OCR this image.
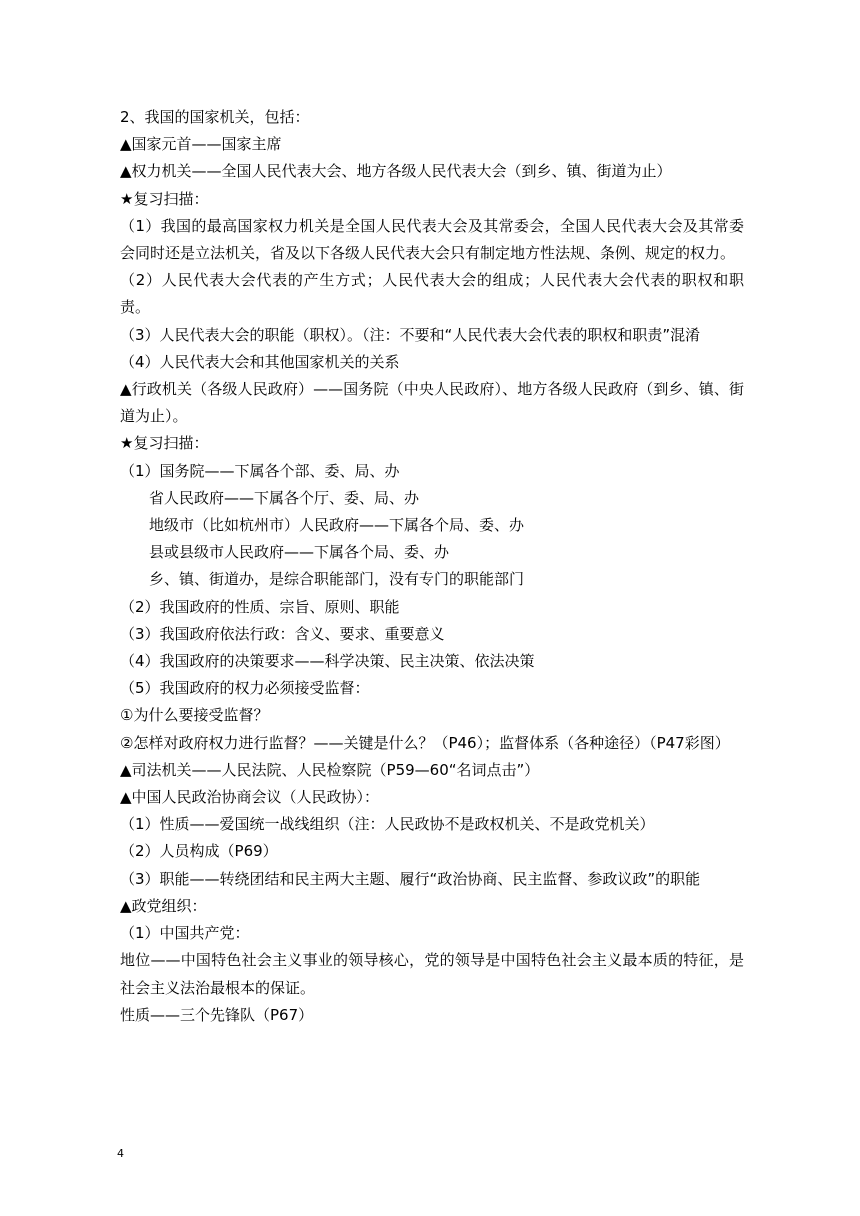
2、我国的国家机关，包括：
▲国家元首——国家主席
▲权力机关——全国人民代表大会、地方各级人民代表大会（到乡、镇、街道为止）
★复习扫描：
（1）我国的最高国家权力机关是全国人民代表大会及其常委会，全国人民代表大会及其常委会同时还是立法机关，省及以下各级人民代表大会只有制定地方性法规、条例、规定的权力。
（2）人民代表大会代表的产生方式；人民代表大会的组成；人民代表大会代表的职权和职责。
（3）人民代表大会的职能（职权）。（注：不要和“人民代表大会代表的职权和职责”混淆
（4）人民代表大会和其他国家机关的关系
▲行政机关（各级人民政府）——国务院（中央人民政府）、地方各级人民政府（到乡、镇、街道为止）。
★复习扫描：
（1）国务院——下属各个部、委、局、办
省人民政府——下属各个厅、委、局、办
地级市（比如杭州市）人民政府——下属各个局、委、办
县或县级市人民政府——下属各个局、委、办
乡、镇、街道办，是综合职能部门，没有专门的职能部门
（2）我国政府的性质、宗旨、原则、职能
（3）我国政府依法行政：含义、要求、重要意义
（4）我国政府的决策要求——科学决策、民主决策、依法决策
（5）我国政府的权力必须接受监督：
①为什么要接受监督？
②怎样对政府权力进行监督？——关键是什么？（P46）；监督体系（各种途径）（P47彩图）
▲司法机关——人民法院、人民检察院（P59—60“名词点击”）
▲中国人民政治协商会议（人民政协）：
（1）性质——爱国统一战线组织（注：人民政协不是政权机关、不是政党机关）
（2）人员构成（P69）
（3）职能——转绕团结和民主两大主题、履行“政治协商、民主监督、参政议政”的职能
▲政党组织：
（1）中国共产党：
地位——中国特色社会主义事业的领导核心，党的领导是中国特色社会主义最本质的特征，是社会主义法治最根本的保证。
性质——三个先锋队（P67）
4
